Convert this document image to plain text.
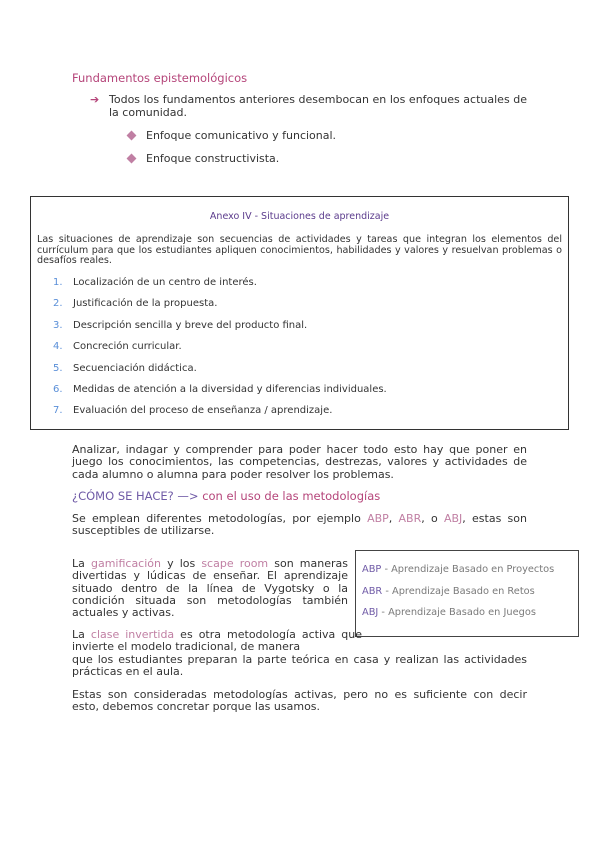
Fundamentos epistemológicos
➔ Todos los fundamentos anteriores desembocan en los enfoques actuales de la comunidad.
Enfoque comunicativo y funcional.
Enfoque constructivista.
Anexo IV - Situaciones de aprendizaje
Las situaciones de aprendizaje son secuencias de actividades y tareas que integran los elementos del currículum para que los estudiantes apliquen conocimientos, habilidades y valores y resuelvan problemas o desafíos reales.
1. Localización de un centro de interés.
2. Justificación de la propuesta.
3. Descripción sencilla y breve del producto final.
4. Concreción curricular.
5. Secuenciación didáctica.
6. Medidas de atención a la diversidad y diferencias individuales.
7. Evaluación del proceso de enseñanza / aprendizaje.
Analizar, indagar y comprender para poder hacer todo esto hay que poner en juego los conocimientos, las competencias, destrezas, valores y actividades de cada alumno o alumna para poder resolver los problemas.
¿CÓMO SE HACE? —> con el uso de las metodologías
Se emplean diferentes metodologías, por ejemplo ABP, ABR, o ABJ, estas son susceptibles de utilizarse.
La gamificación y los scape room son maneras divertidas y lúdicas de enseñar. El aprendizaje situado dentro de la línea de Vygotsky o la condición situada son metodologías también actuales y activas.
ABP - Aprendizaje Basado en Proyectos
ABR - Aprendizaje Basado en Retos
ABJ - Aprendizaje Basado en Juegos
La clase invertida es otra metodología activa que invierte el modelo tradicional, de manera
que los estudiantes preparan la parte teórica en casa y realizan las actividades prácticas en el aula.
Estas son consideradas metodologías activas, pero no es suficiente con decir esto, debemos concretar porque las usamos.
